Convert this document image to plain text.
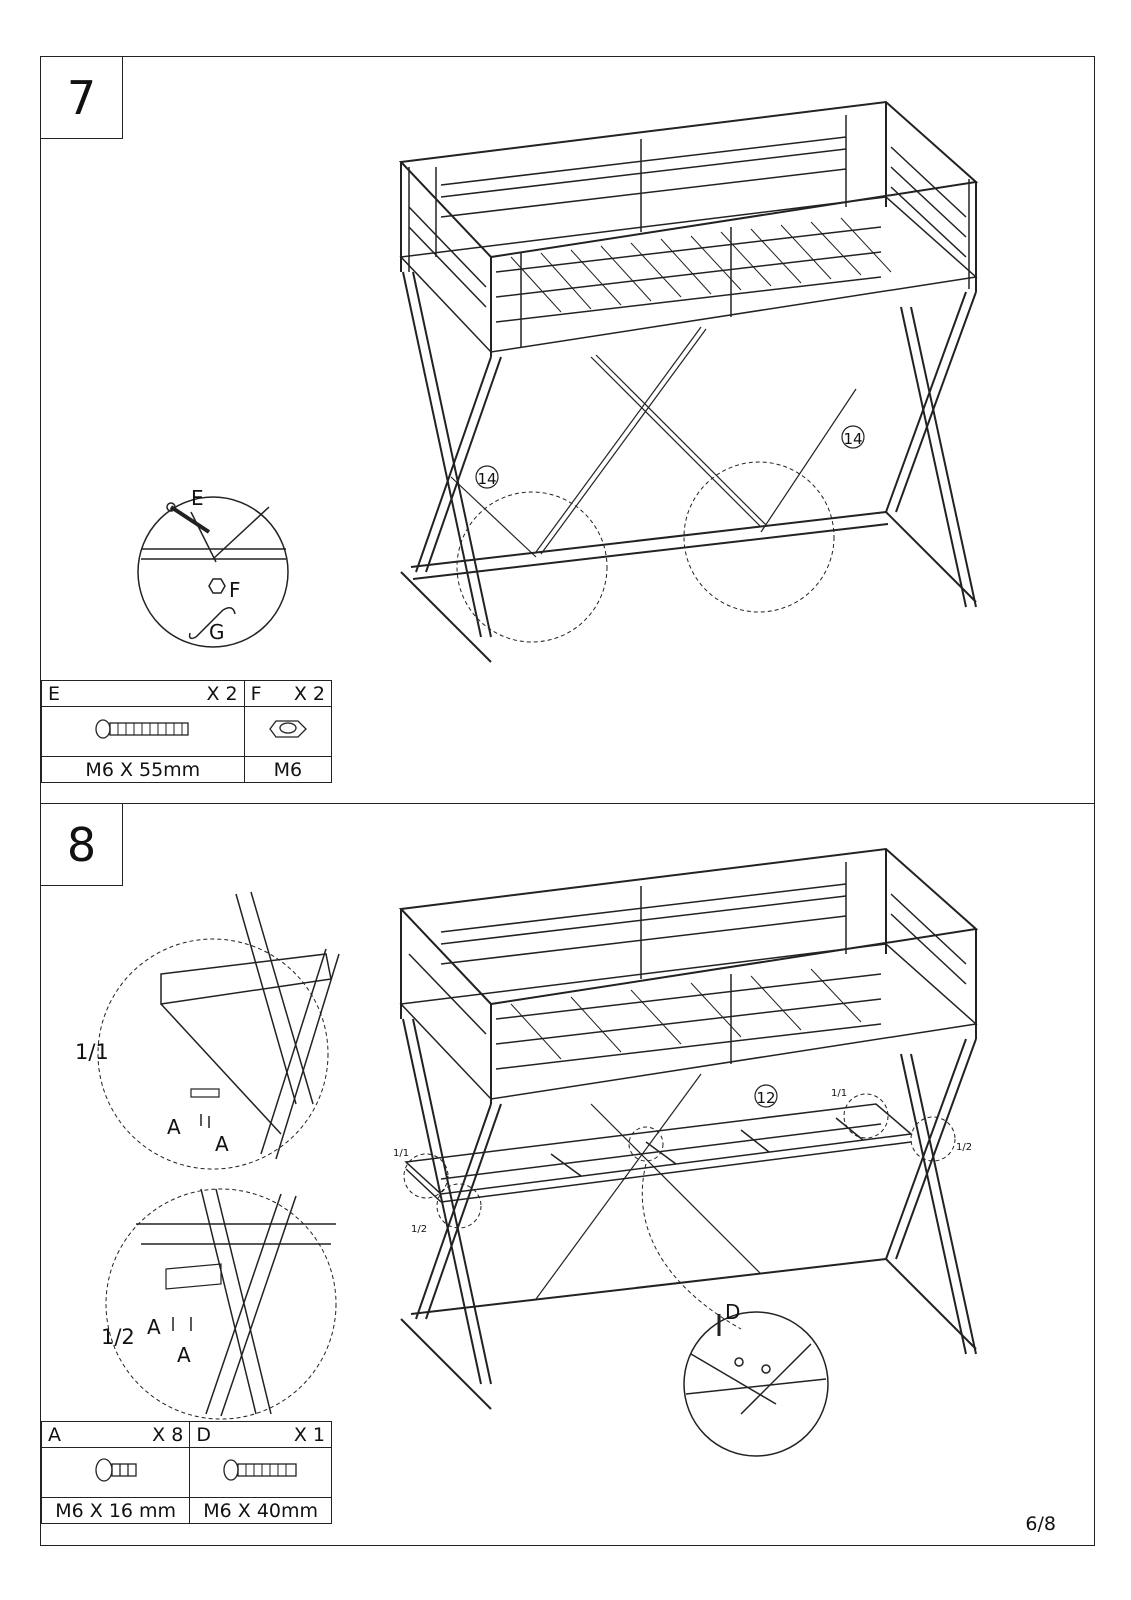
7
14
14
E
F
G
E X 2	F X 2

M6 X 55mm	M6
8
12
1/1
1/2
1/1
1/2
1/1
A
A
1/2 A
A
D
A X 8	D X 1

M6 X 16 mm	M6 X 40mm
6/8
